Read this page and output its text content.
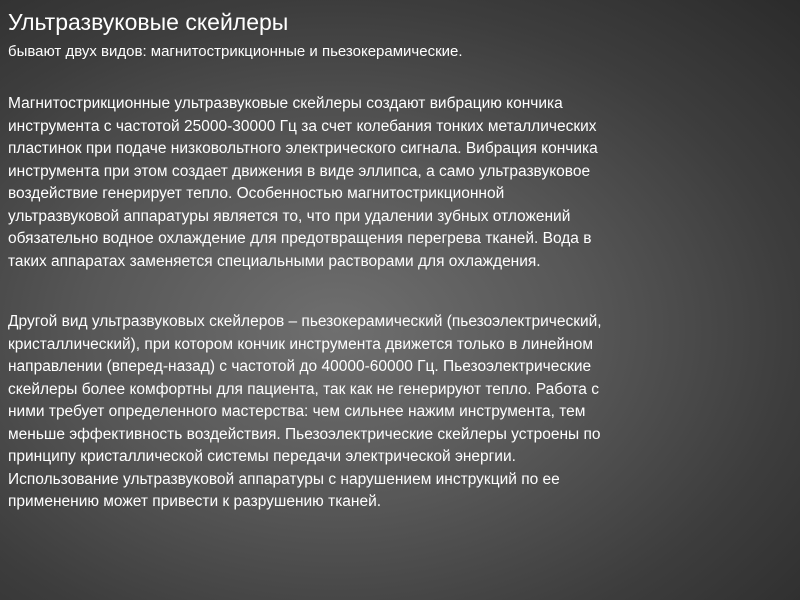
Ультразвуковые скейлеры
бывают двух видов: магнитострикционные и пьезокерамические.
Магнитострикционные ультразвуковые скейлеры создают вибрацию кончика
инструмента с частотой 25000-30000 Гц за счет колебания тонких металлических
пластинок при подаче низковольтного электрического сигнала. Вибрация кончика
инструмента при этом создает движения в виде эллипса, а само ультразвуковое
воздействие генерирует тепло. Особенностью магнитострикционной
ультразвуковой аппаратуры является то, что при удалении зубных отложений
обязательно водное охлаждение для предотвращения перегрева тканей. Вода в
таких аппаратах заменяется специальными растворами для охлаждения.
Другой вид ультразвуковых скейлеров – пьезокерамический (пьезоэлектрический,
кристаллический), при котором кончик инструмента движется только в линейном
направлении (вперед-назад) с частотой до 40000-60000 Гц. Пьезоэлектрические
скейлеры более комфортны для пациента, так как не генерируют тепло. Работа с
ними требует определенного мастерства: чем сильнее нажим инструмента, тем
меньше эффективность воздействия. Пьезоэлектрические скейлеры устроены по
принципу кристаллической системы передачи электрической энергии.
Использование ультразвуковой аппаратуры с нарушением инструкций по ее
применению может привести к разрушению тканей.
